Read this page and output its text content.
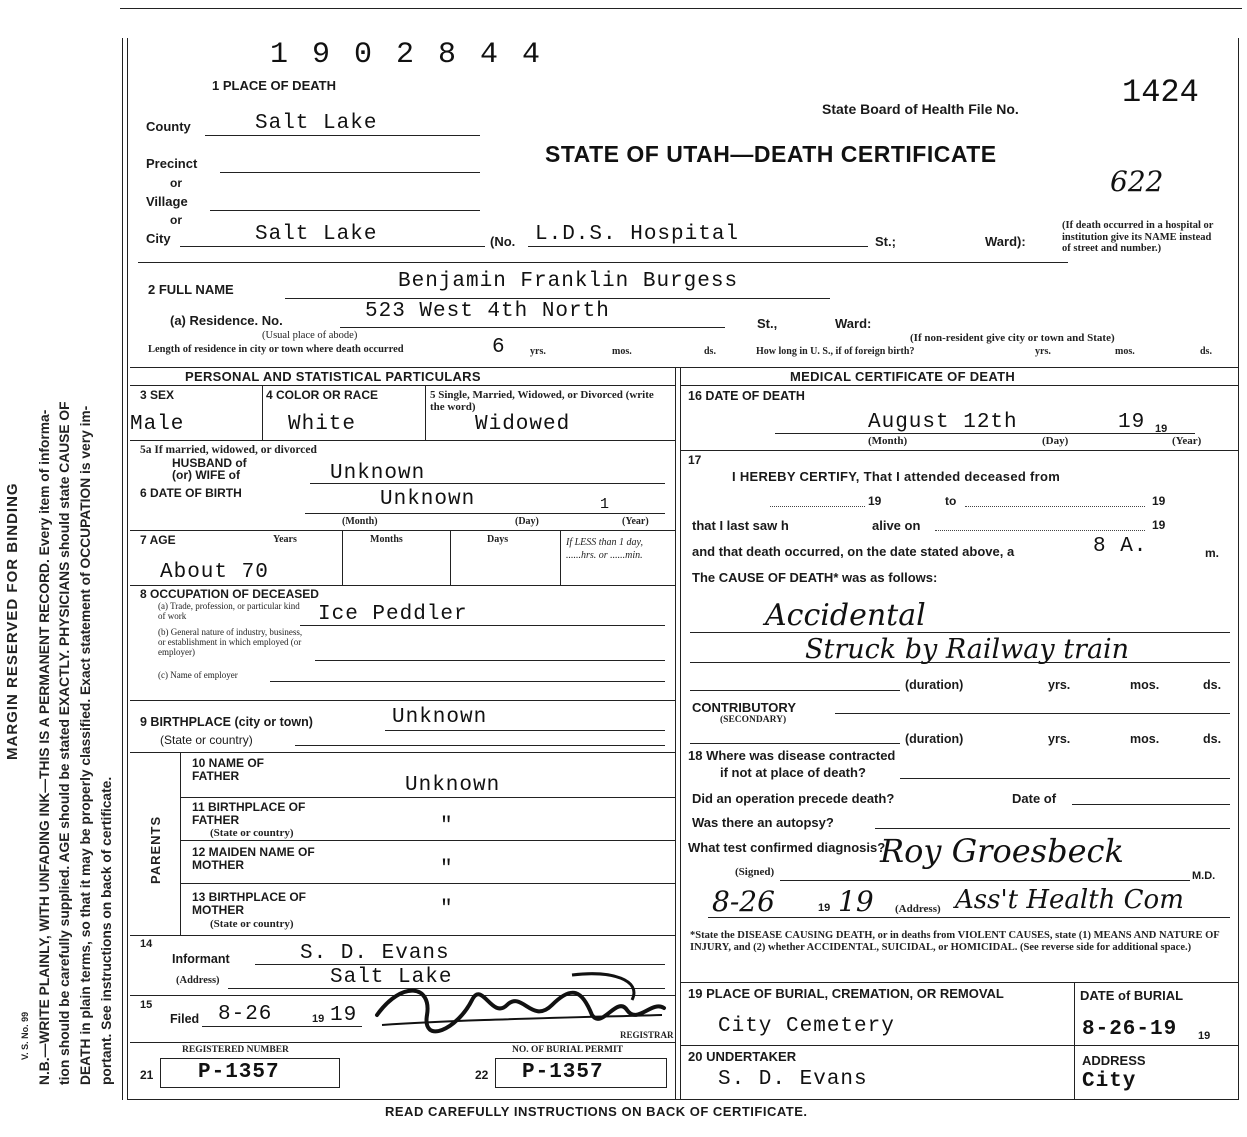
MARGIN RESERVED FOR BINDING
V. S. No. 99 N.B.—WRITE PLAINLY, WITH UNFADING INK—THIS IS A PERMANENT RECORD. Every item of informa- tion should be carefully supplied. AGE should be stated EXACTLY. PHYSICIANS should state CAUSE OF DEATH in plain terms, so that it may be properly classified. Exact statement of OCCUPATION is very im- portant. See instructions on back of certificate.
1 9 0 2 8 4 4
1 PLACE OF DEATH
State Board of Health File No.	1424
622
STATE OF UTAH—DEATH CERTIFICATE
County	Salt Lake
Precinct
or
Village
or
City	Salt Lake	(No. L.D.S. Hospital	St.;	Ward):
(If death occurred in a hospital or institution give its NAME instead of street and number.)
2 FULL NAME	Benjamin Franklin Burgess
(a) Residence. No.	523 West 4th North
St.,	Ward:
(Usual place of abode)	(If non-resident give city or town and State)
Length of residence in city or town where death occurred	6 yrs.	mos.	ds.	How long in U. S., if of foreign birth?	yrs.	mos.	ds.
PERSONAL AND STATISTICAL PARTICULARS
3 SEX
Male
4 COLOR OR RACE
White
5 Single, Married, Widowed, or Divorced (write the word)
Widowed
5a If married, widowed, or divorced
HUSBAND of
(or) WIFE of	Unknown
6 DATE OF BIRTH	Unknown	1
(Month)	(Day)	(Year)
7 AGE	Years	Months	Days	If LESS than 1 day, ......hrs. or ......min.
About 70
8 OCCUPATION OF DECEASED
(a) Trade, profession, or particular kind of work	Ice Peddler
(b) General nature of industry, business, or establishment in which employed (or employer)
(c) Name of employer
9 BIRTHPLACE (city or town)	Unknown
(State or country)
PARENTS
10 NAME OF FATHER	Unknown
11 BIRTHPLACE OF FATHER
(State or country)	"
12 MAIDEN NAME OF MOTHER	"
13 BIRTHPLACE OF MOTHER
(State or country)
"
14
Informant	S. D. Evans
(Address)	Salt Lake
15
Filed 8-26	19 19
REGISTRAR
REGISTERED NUMBER
21 P-1357
NO. OF BURIAL PERMIT
22 P-1357
MEDICAL CERTIFICATE OF DEATH
16 DATE OF DEATH
August 12th	19 19
(Month)	(Day)	(Year)
17
I HEREBY CERTIFY, That I attended deceased from
19	to	19
that I last saw h	alive on	19
and that death occurred, on the date stated above, a	8 A.	m.
The CAUSE OF DEATH* was as follows:
Accidental
Struck by Railway train
(duration)	yrs.	mos.	ds.
CONTRIBUTORY
(SECONDARY)
(duration)	yrs.	mos.	ds.
18 Where was disease contracted
if not at place of death?
Did an operation precede death?	Date of
Was there an autopsy?
What test confirmed diagnosis?
Roy Groesbeck
(Signed)	M.D.
8-26	19 19 (Address) Ass't Health Com
*State the DISEASE CAUSING DEATH, or in deaths from VIOLENT CAUSES, state (1) MEANS AND NATURE OF INJURY, and (2) whether ACCIDENTAL, SUICIDAL, or HOMICIDAL. (See reverse side for additional space.)
19 PLACE OF BURIAL, CREMATION, OR REMOVAL
City Cemetery
DATE of BURIAL
8-26-19 19
20 UNDERTAKER
S. D. Evans
ADDRESS
City
READ CAREFULLY INSTRUCTIONS ON BACK OF CERTIFICATE.
